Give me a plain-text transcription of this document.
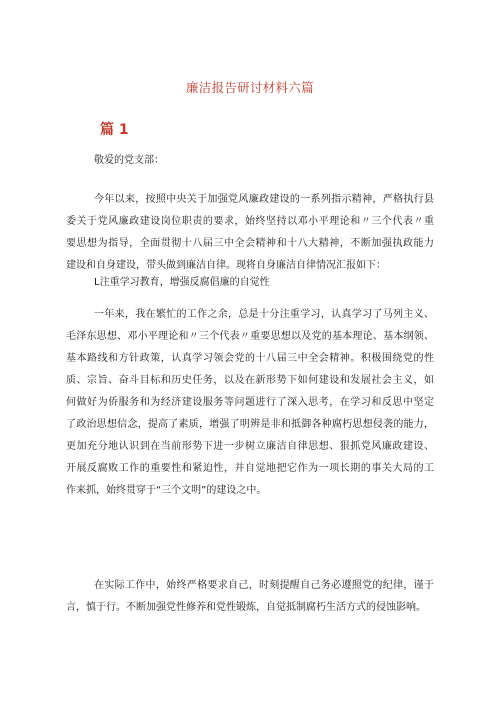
廉洁报告研讨材料六篇
篇 1
敬爱的党支部：
今年以来，按照中央关于加强党风廉政建设的一系列指示精神，严格执行县
委关于党风廉政建设岗位职责的要求，始终坚持以邓小平理论和〃三个代表〃重
要思想为指导，全面贯彻十八届三中全会精神和十八大精神，不断加强执政能力
建设和自身建设，带头做到廉洁自律。现将自身廉洁自律情况汇报如下：
L注重学习教育，增强反腐倡廉的自觉性
一年来，我在繁忙的工作之余，总是十分注重学习，认真学习了马列主义、
毛泽东思想、邓小平理论和〃三个代表〃重要思想以及党的基本理论、基本纲领、
基本路线和方针政策，认真学习领会党的十八届三中全会精神。积极围绕党的性
质、宗旨、奋斗目标和历史任务，以及在新形势下如何建设和发展社会主义，如
何做好为侨服务和为经济建设服务等问题进行了深入思考，在学习和反思中坚定
了政治思想信念，提高了素质，增强了明辨是非和抵御各种腐朽思想侵袭的能力，
更加充分地认识到在当前形势下进一步树立廉洁自律思想、狠抓党风廉政建设、
开展反腐败工作的重要性和紧迫性，并自觉地把它作为一项长期的事关大局的工
作来抓，始终贯穿于“三个文明”的建设之中。
在实际工作中，始终严格要求自己，时刻提醒自己务必遵照党的纪律，谨于
言，慎于行。不断加强党性修养和党性锻炼，自觉抵制腐朽生活方式的侵蚀影响。
